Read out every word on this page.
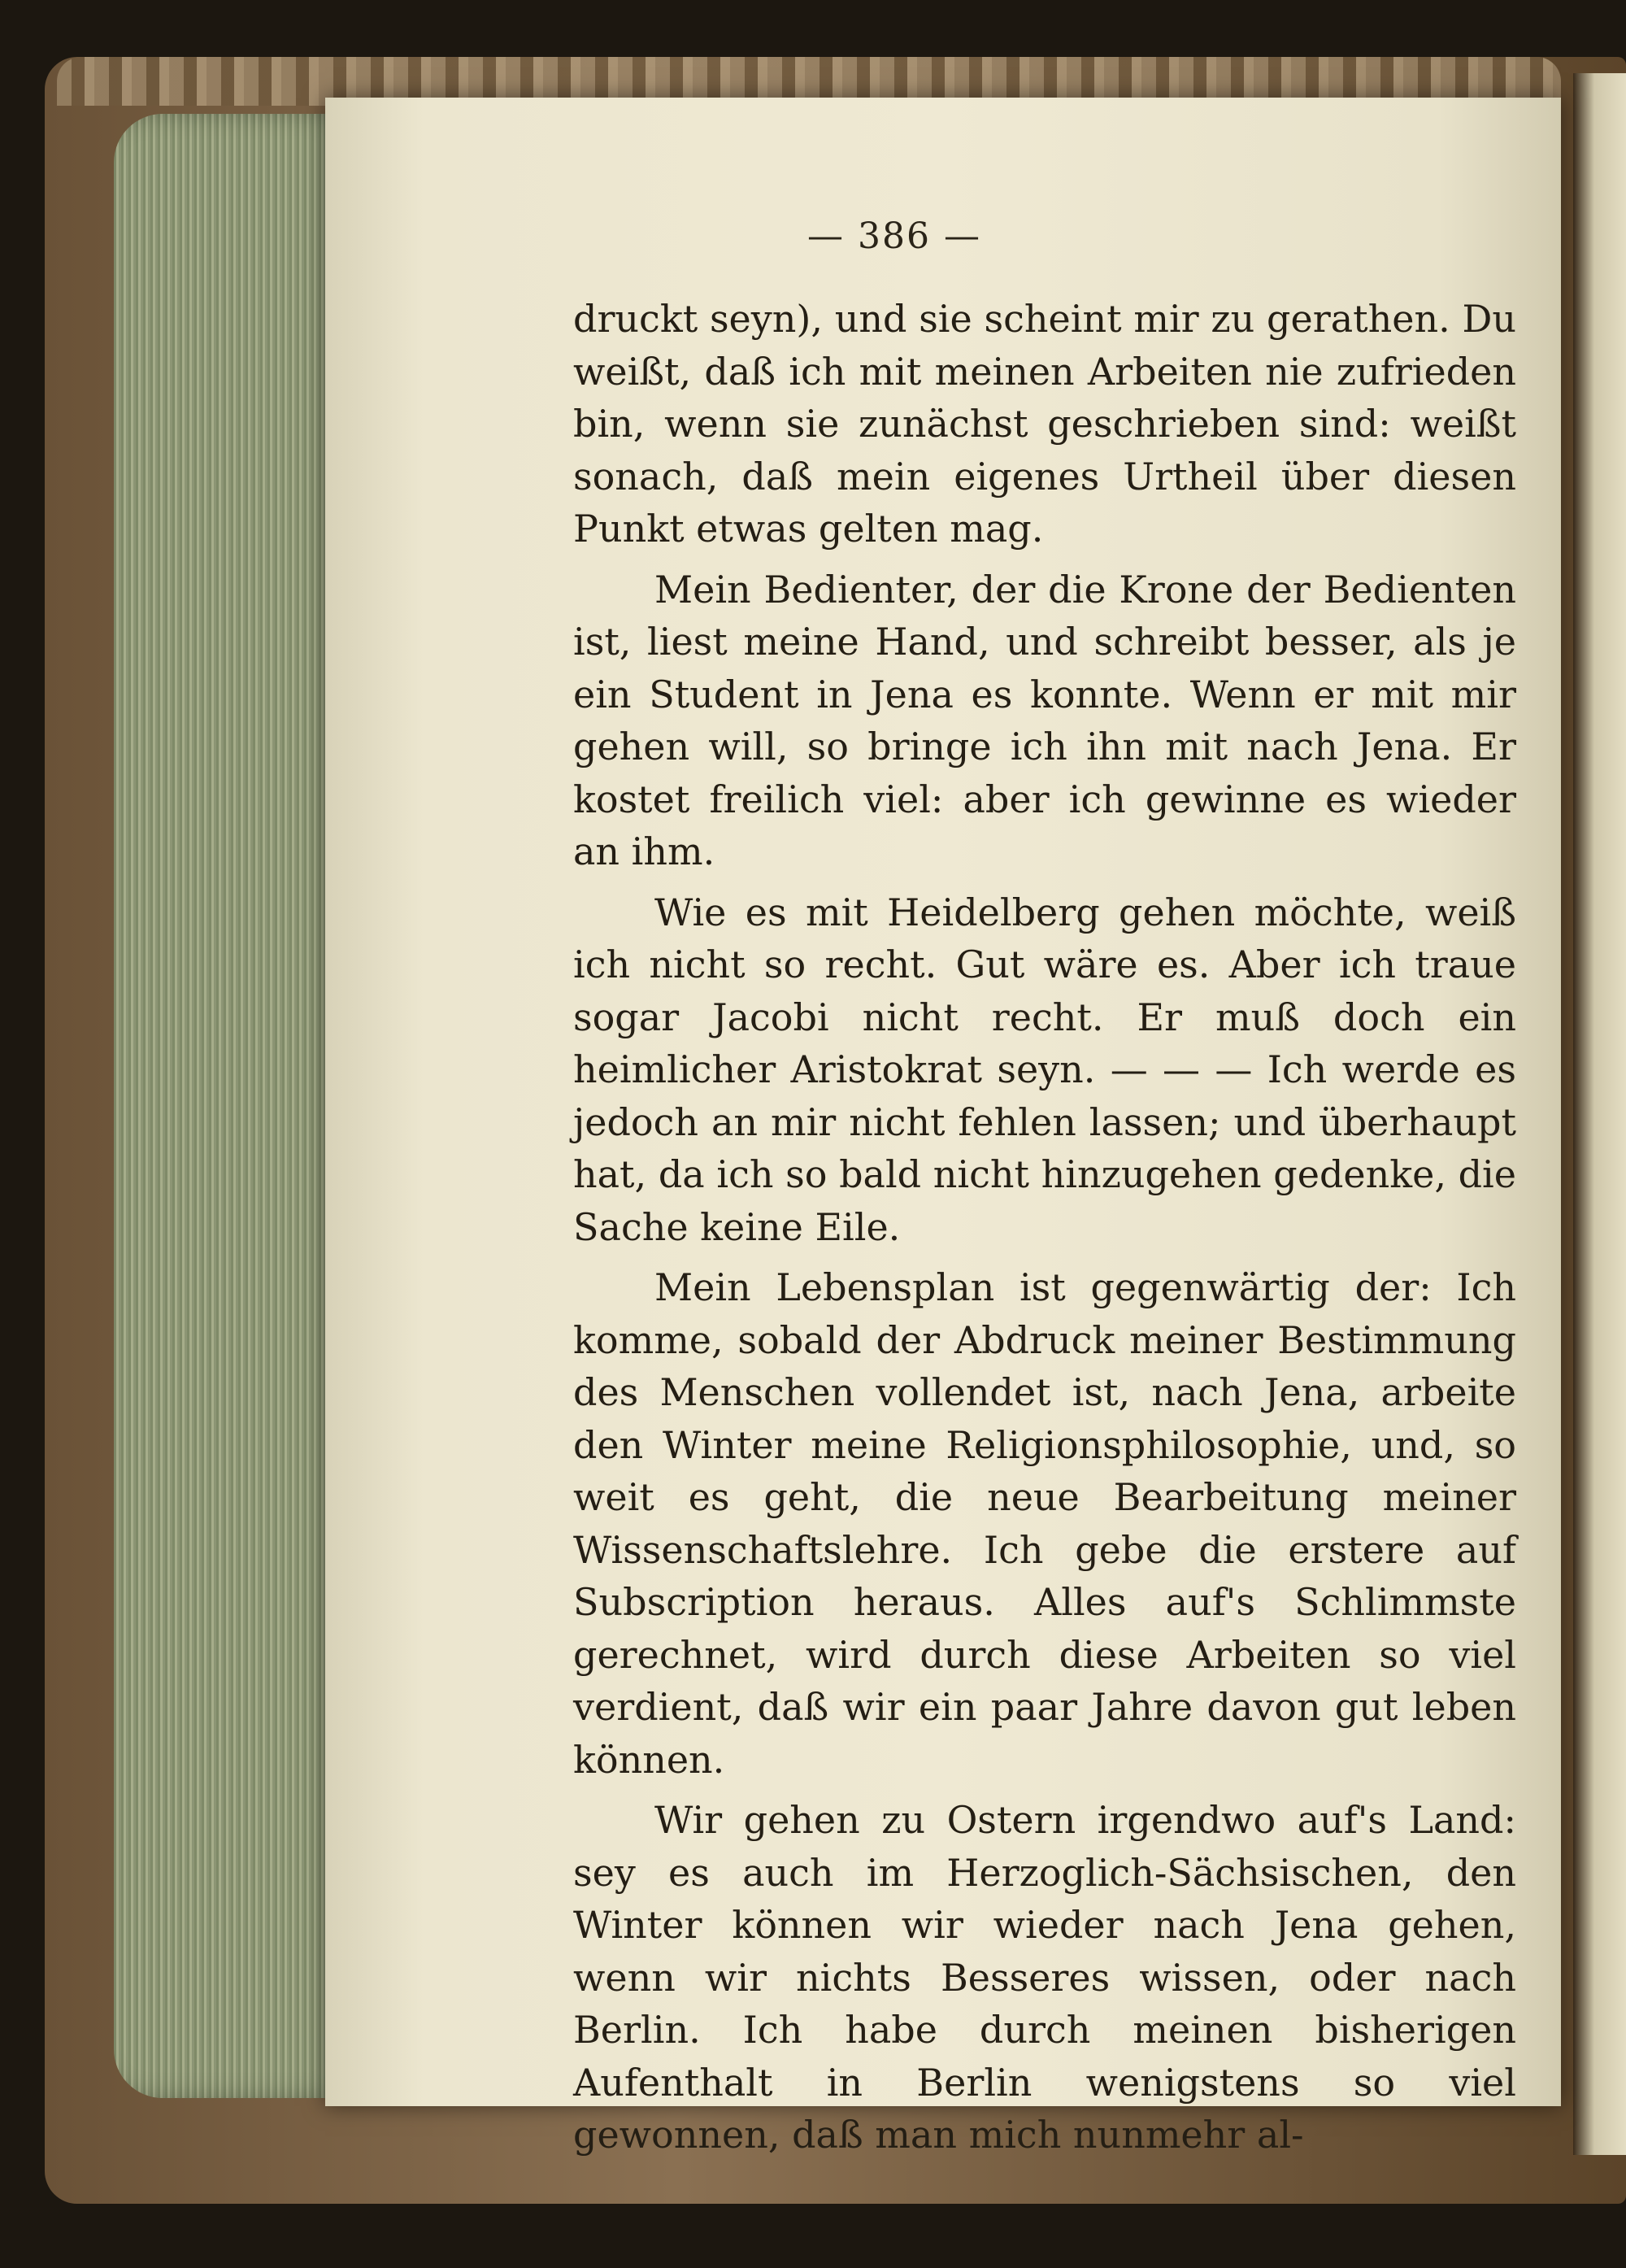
— 386 —

druckt seyn), und sie scheint mir zu gerathen. Du weißt, daß ich mit meinen Arbeiten nie zufrieden bin, wenn sie zunächst geschrieben sind: weißt sonach, daß mein eigenes Urtheil über diesen Punkt etwas gelten mag.

Mein Bedienter, der die Krone der Bedienten ist, liest meine Hand, und schreibt besser, als je ein Student in Jena es konnte. Wenn er mit mir gehen will, so bringe ich ihn mit nach Jena. Er kostet freilich viel: aber ich gewinne es wieder an ihm.

Wie es mit Heidelberg gehen möchte, weiß ich nicht so recht. Gut wäre es. Aber ich traue sogar Jacobi nicht recht. Er muß doch ein heimlicher Aristokrat seyn. — — — Ich werde es jedoch an mir nicht fehlen lassen; und überhaupt hat, da ich so bald nicht hinzugehen gedenke, die Sache keine Eile.

Mein Lebensplan ist gegenwärtig der: Ich komme, sobald der Abdruck meiner Bestimmung des Menschen vollendet ist, nach Jena, arbeite den Winter meine Religionsphilosophie, und, so weit es geht, die neue Bearbeitung meiner Wissenschaftslehre. Ich gebe die erstere auf Subscription heraus. Alles auf's Schlimmste gerechnet, wird durch diese Arbeiten so viel verdient, daß wir ein paar Jahre davon gut leben können.

Wir gehen zu Ostern irgendwo auf's Land: sey es auch im Herzoglich-Sächsischen, den Winter können wir wieder nach Jena gehen, wenn wir nichts Besseres wissen, oder nach Berlin. Ich habe durch meinen bisherigen Aufenthalt in Berlin wenigstens so viel gewonnen, daß man mich nunmehr al-
